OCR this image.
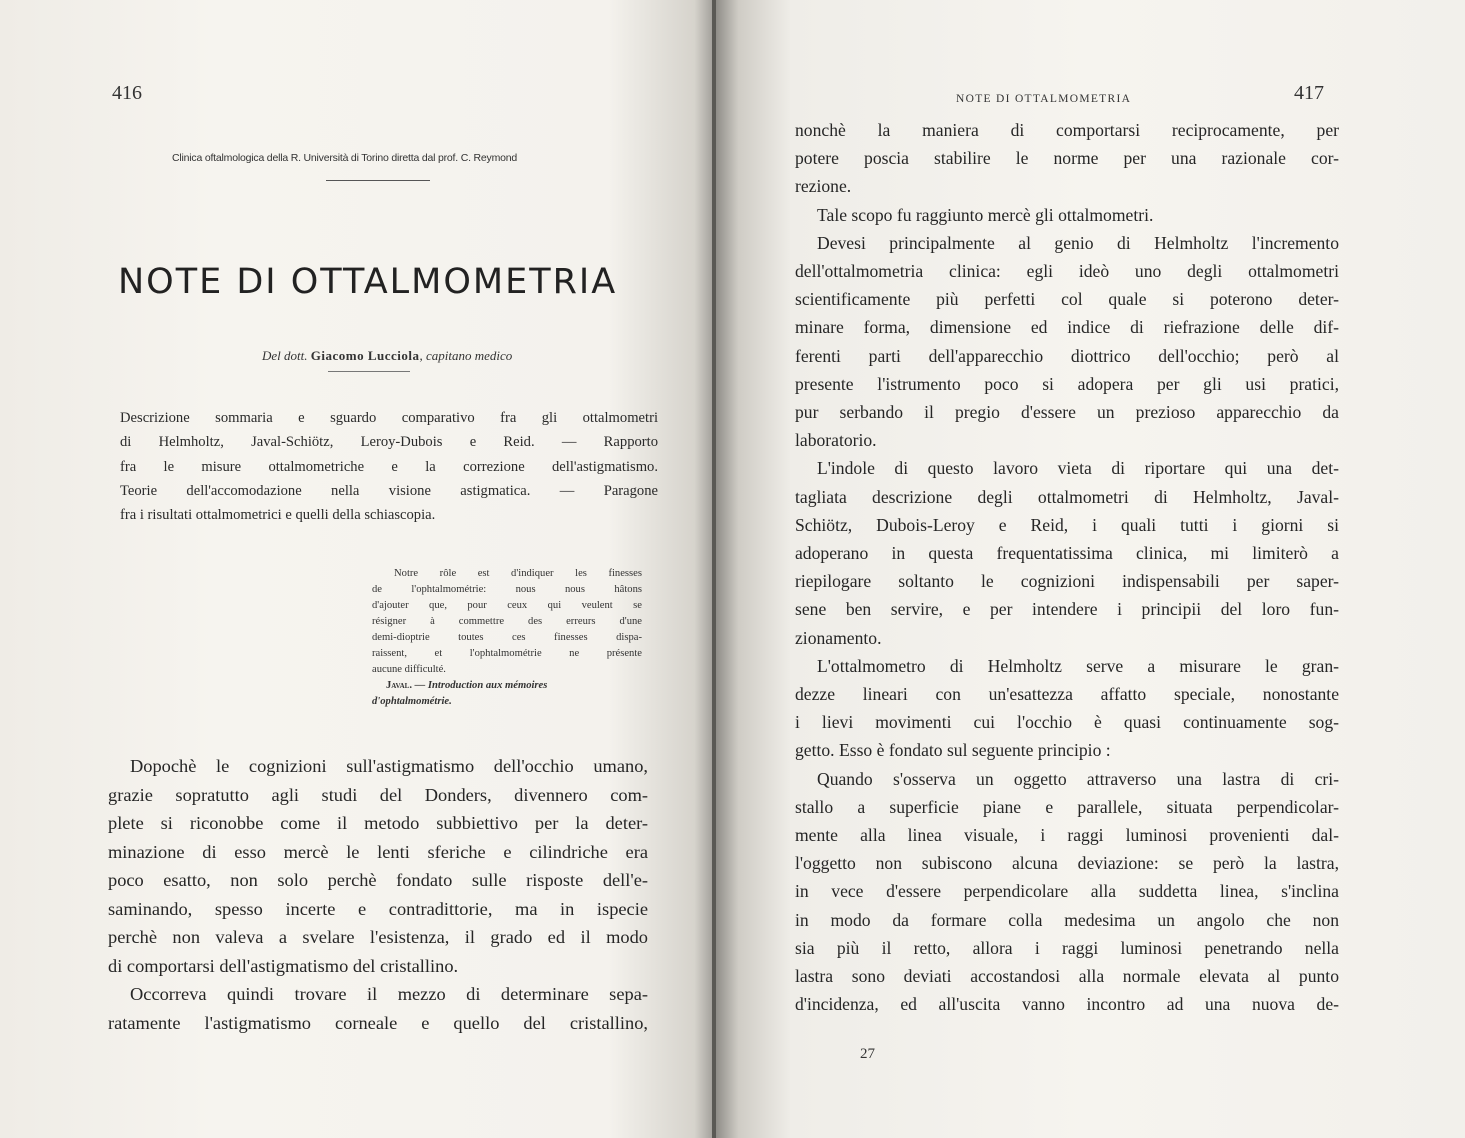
416
Clinica oftalmologica della R. Università di Torino diretta dal prof. C. Reymond
NOTE DI OTTALMOMETRIA
Del dott. Giacomo Lucciola, capitano medico

Descrizione sommaria e sguardo comparativo fra gli ottalmometri
di Helmholtz, Javal-Schiötz, Leroy-Dubois e Reid. — Rapporto
fra le misure ottalmometriche e la correzione dell'astigmatismo.
Teorie dell'accomodazione nella visione astigmatica. — Paragone
fra i risultati ottalmometrici e quelli della schiascopia.

Notre rôle est d'indiquer les finesses
de l'ophtalmométrie: nous nous hâtons
d'ajouter que, pour ceux qui veulent se
résigner à commettre des erreurs d'une
demi-dioptrie toutes ces finesses dispa-
raissent, et l'ophtalmométrie ne présente
aucune difficulté.

Javal. — Introduction aux mémoires
d'ophtalmométrie.

Dopochè le cognizioni sull'astigmatismo dell'occhio umano,
grazie sopratutto agli studi del Donders, divennero com-
plete si riconobbe come il metodo subbiettivo per la deter-
minazione di esso mercè le lenti sferiche e cilindriche era
poco esatto, non solo perchè fondato sulle risposte dell'e-
saminando, spesso incerte e contradittorie, ma in ispecie
perchè non valeva a svelare l'esistenza, il grado ed il modo
di comportarsi dell'astigmatismo del cristallino.

Occorreva quindi trovare il mezzo di determinare sepa-
ratamente l'astigmatismo corneale e quello del cristallino,

NOTE DI OTTALMOMETRIA	417

nonchè la maniera di comportarsi reciprocamente, per
potere poscia stabilire le norme per una razionale cor-
rezione.

Tale scopo fu raggiunto mercè gli ottalmometri.

Devesi principalmente al genio di Helmholtz l'incremento
dell'ottalmometria clinica: egli ideò uno degli ottalmometri
scientificamente più perfetti col quale si poterono deter-
minare forma, dimensione ed indice di riefrazione delle dif-
ferenti parti dell'apparecchio diottrico dell'occhio; però al
presente l'istrumento poco si adopera per gli usi pratici,
pur serbando il pregio d'essere un prezioso apparecchio da
laboratorio.

L'indole di questo lavoro vieta di riportare qui una det-
tagliata descrizione degli ottalmometri di Helmholtz, Javal-
Schiötz, Dubois-Leroy e Reid, i quali tutti i giorni si
adoperano in questa frequentatissima clinica, mi limiterò a
riepilogare soltanto le cognizioni indispensabili per saper-
sene ben servire, e per intendere i principii del loro fun-
zionamento.

L'ottalmometro di Helmholtz serve a misurare le gran-
dezze lineari con un'esattezza affatto speciale, nonostante
i lievi movimenti cui l'occhio è quasi continuamente sog-
getto. Esso è fondato sul seguente principio :

Quando s'osserva un oggetto attraverso una lastra di cri-
stallo a superficie piane e parallele, situata perpendicolar-
mente alla linea visuale, i raggi luminosi provenienti dal-
l'oggetto non subiscono alcuna deviazione: se però la lastra,
in vece d'essere perpendicolare alla suddetta linea, s'inclina
in modo da formare colla medesima un angolo che non
sia più il retto, allora i raggi luminosi penetrando nella
lastra sono deviati accostandosi alla normale elevata al punto
d'incidenza, ed all'uscita vanno incontro ad una nuova de-

27
